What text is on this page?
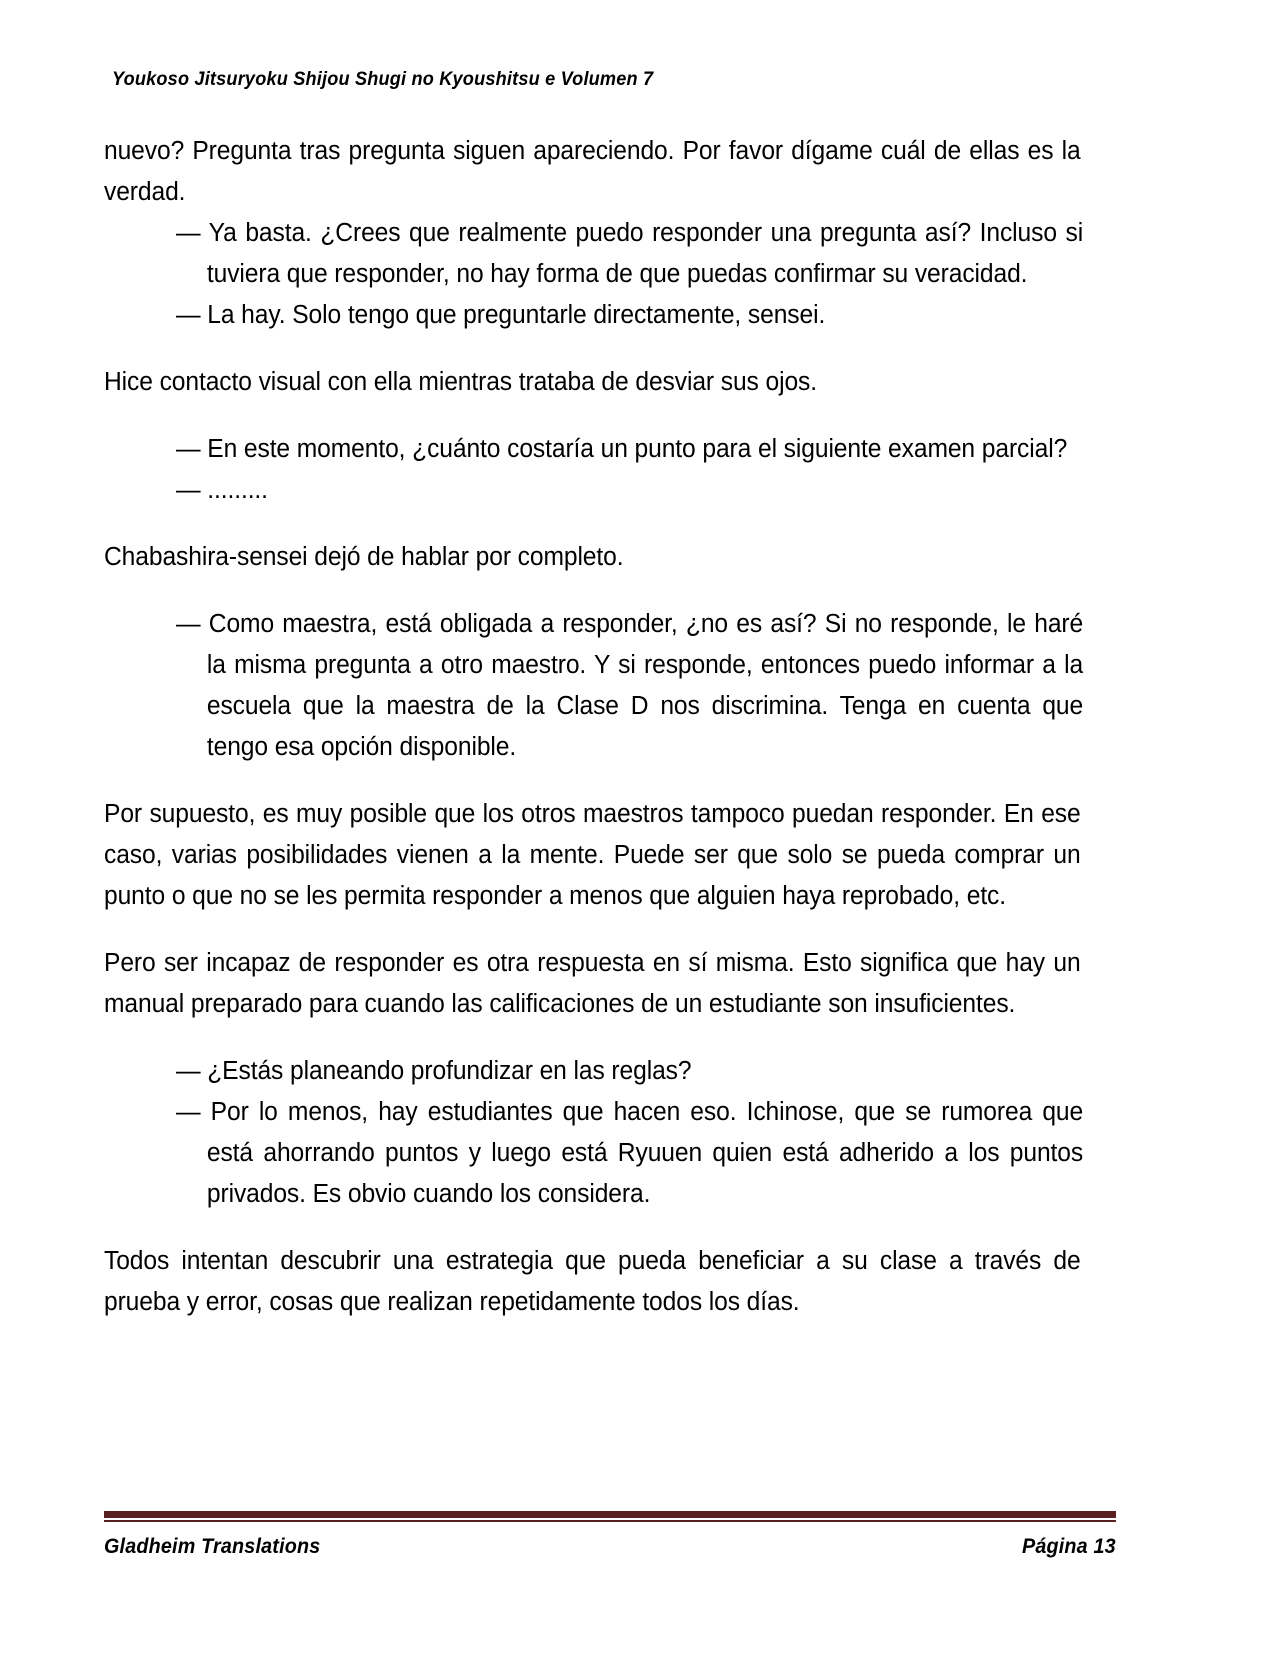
Youkoso Jitsuryoku Shijou Shugi no Kyoushitsu e Volumen 7

nuevo? Pregunta tras pregunta siguen apareciendo. Por favor dígame cuál de ellas es la verdad.

— Ya basta. ¿Crees que realmente puedo responder una pregunta así? Incluso si tuviera que responder, no hay forma de que puedas confirmar su veracidad.

— La hay. Solo tengo que preguntarle directamente, sensei.

Hice contacto visual con ella mientras trataba de desviar sus ojos.

— En este momento, ¿cuánto costaría un punto para el siguiente examen parcial?

— .........

Chabashira-sensei dejó de hablar por completo.

— Como maestra, está obligada a responder, ¿no es así? Si no responde, le haré la misma pregunta a otro maestro. Y si responde, entonces puedo informar a la escuela que la maestra de la Clase D nos discrimina. Tenga en cuenta que tengo esa opción disponible.

Por supuesto, es muy posible que los otros maestros tampoco puedan responder. En ese caso, varias posibilidades vienen a la mente. Puede ser que solo se pueda comprar un punto o que no se les permita responder a menos que alguien haya reprobado, etc.

Pero ser incapaz de responder es otra respuesta en sí misma. Esto significa que hay un manual preparado para cuando las calificaciones de un estudiante son insuficientes.

— ¿Estás planeando profundizar en las reglas?

— Por lo menos, hay estudiantes que hacen eso. Ichinose, que se rumorea que está ahorrando puntos y luego está Ryuuen quien está adherido a los puntos privados. Es obvio cuando los considera.

Todos intentan descubrir una estrategia que pueda beneficiar a su clase a través de prueba y error, cosas que realizan repetidamente todos los días.

Gladheim Translations	Página 13
